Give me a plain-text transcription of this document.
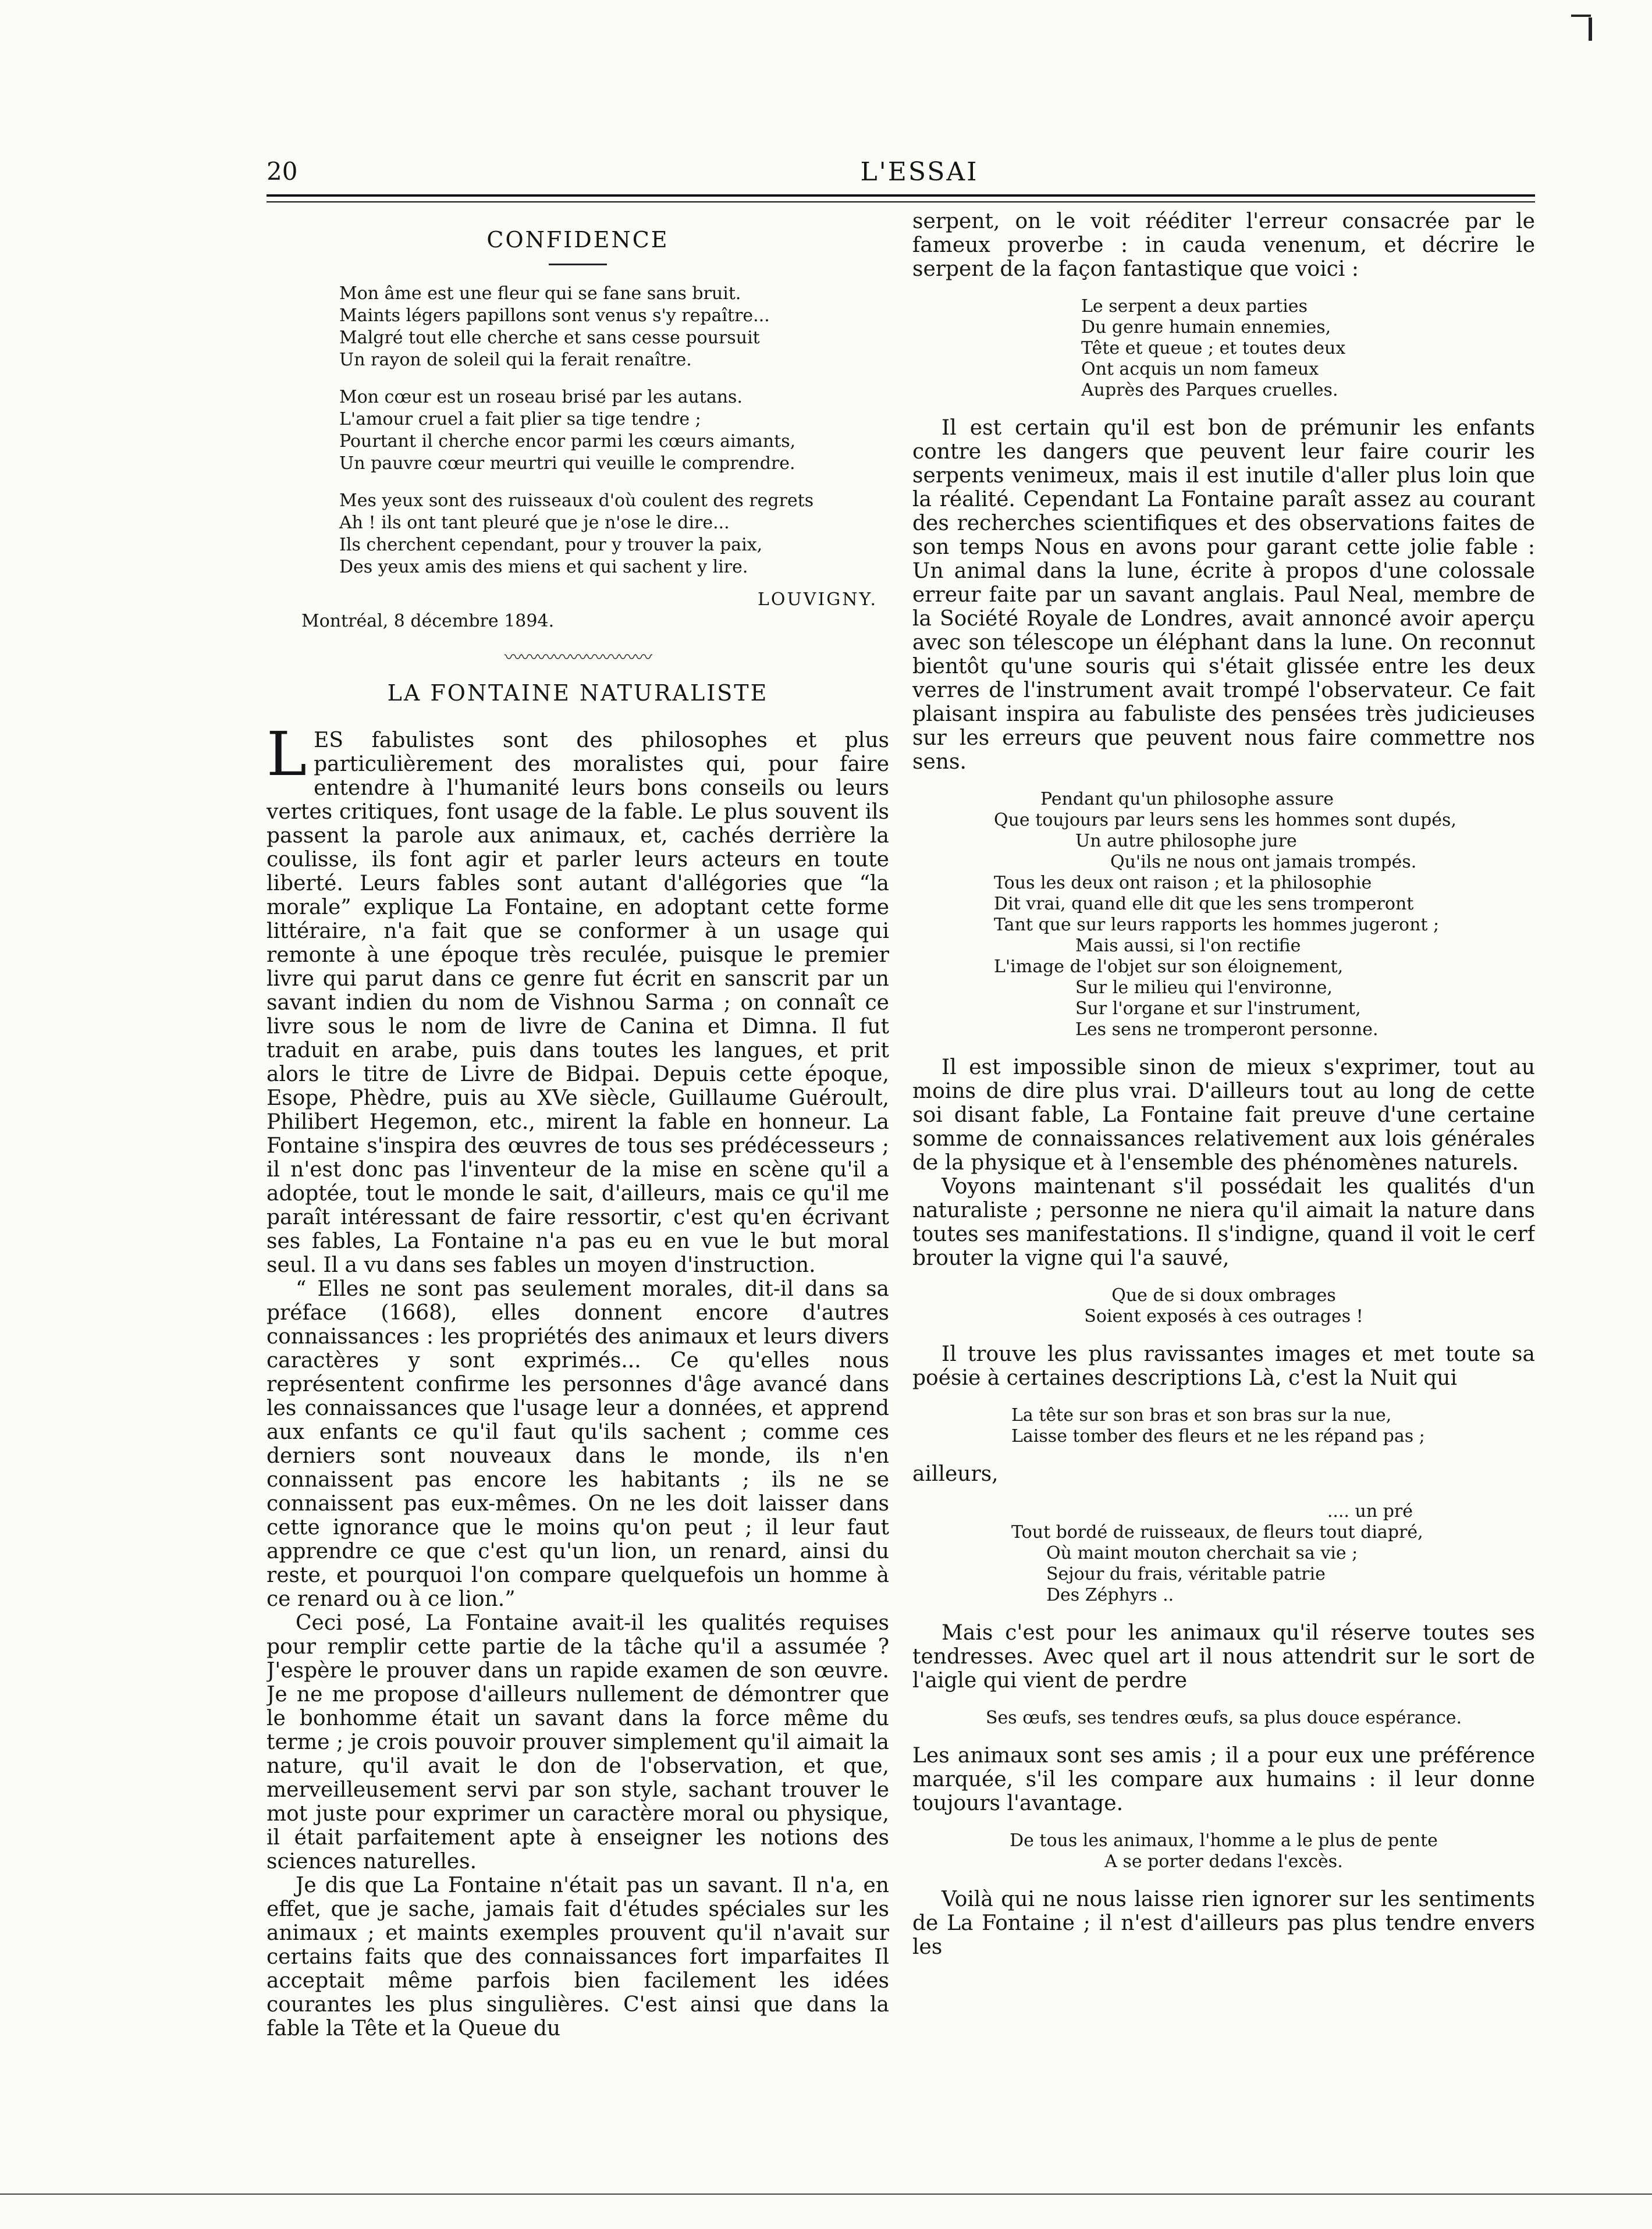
20	L'ESSAI
CONFIDENCE
Mon âme est une fleur qui se fane sans bruit.
Maints légers papillons sont venus s'y repaître...
Malgré tout elle cherche et sans cesse poursuit
Un rayon de soleil qui la ferait renaître.
Mon cœur est un roseau brisé par les autans.
L'amour cruel a fait plier sa tige tendre ;
Pourtant il cherche encor parmi les cœurs aimants,
Un pauvre cœur meurtri qui veuille le comprendre.
Mes yeux sont des ruisseaux d'où coulent des regrets
Ah ! ils ont tant pleuré que je n'ose le dire...
Ils cherchent cependant, pour y trouver la paix,
Des yeux amis des miens et qui sachent y lire.
LOUVIGNY.
Montréal, 8 décembre 1894.
〰〰〰〰〰〰〰〰〰
LA FONTAINE NATURALISTE

LES fabulistes sont des philosophes et plus particulièrement des moralistes qui, pour faire entendre à l'humanité leurs bons conseils ou leurs vertes critiques, font usage de la fable. Le plus souvent ils passent la parole aux animaux, et, cachés derrière la coulisse, ils font agir et parler leurs acteurs en toute liberté. Leurs fables sont autant d'allégories que “la morale” explique La Fontaine, en adoptant cette forme littéraire, n'a fait que se conformer à un usage qui remonte à une époque très reculée, puisque le premier livre qui parut dans ce genre fut écrit en sanscrit par un savant indien du nom de Vishnou Sarma ; on connaît ce livre sous le nom de livre de Canina et Dimna. Il fut traduit en arabe, puis dans toutes les langues, et prit alors le titre de Livre de Bidpai. Depuis cette époque, Esope, Phèdre, puis au XVe siècle, Guillaume Guéroult, Philibert Hegemon, etc., mirent la fable en honneur. La Fontaine s'inspira des œuvres de tous ses prédécesseurs ; il n'est donc pas l'inventeur de la mise en scène qu'il a adoptée, tout le monde le sait, d'ailleurs, mais ce qu'il me paraît intéressant de faire ressortir, c'est qu'en écrivant ses fables, La Fontaine n'a pas eu en vue le but moral seul. Il a vu dans ses fables un moyen d'instruction.

“ Elles ne sont pas seulement morales, dit-il dans sa préface (1668), elles donnent encore d'autres connaissances : les propriétés des animaux et leurs divers caractères y sont exprimés... Ce qu'elles nous représentent confirme les personnes d'âge avancé dans les connaissances que l'usage leur a données, et apprend aux enfants ce qu'il faut qu'ils sachent ; comme ces derniers sont nouveaux dans le monde, ils n'en connaissent pas encore les habitants ; ils ne se connaissent pas eux-mêmes. On ne les doit laisser dans cette ignorance que le moins qu'on peut ; il leur faut apprendre ce que c'est qu'un lion, un renard, ainsi du reste, et pourquoi l'on compare quelquefois un homme à ce renard ou à ce lion.”

Ceci posé, La Fontaine avait-il les qualités requises pour remplir cette partie de la tâche qu'il a assumée ? J'espère le prouver dans un rapide examen de son œuvre. Je ne me propose d'ailleurs nullement de démontrer que le bonhomme était un savant dans la force même du terme ; je crois pouvoir prouver simplement qu'il aimait la nature, qu'il avait le don de l'observation, et que, merveilleusement servi par son style, sachant trouver le mot juste pour exprimer un caractère moral ou physique, il était parfaitement apte à enseigner les notions des sciences naturelles.

Je dis que La Fontaine n'était pas un savant. Il n'a, en effet, que je sache, jamais fait d'études spéciales sur les animaux ; et maints exemples prouvent qu'il n'avait sur certains faits que des connaissances fort imparfaites Il acceptait même parfois bien facilement les idées courantes les plus singulières. C'est ainsi que dans la fable la Tête et la Queue du

serpent, on le voit rééditer l'erreur consacrée par le fameux proverbe : in cauda venenum, et décrire le serpent de la façon fantastique que voici :

Le serpent a deux parties
Du genre humain ennemies,
Tête et queue ; et toutes deux
Ont acquis un nom fameux
Auprès des Parques cruelles.

Il est certain qu'il est bon de prémunir les enfants contre les dangers que peuvent leur faire courir les serpents venimeux, mais il est inutile d'aller plus loin que la réalité. Cependant La Fontaine paraît assez au courant des recherches scientifiques et des observations faites de son temps Nous en avons pour garant cette jolie fable : Un animal dans la lune, écrite à propos d'une colossale erreur faite par un savant anglais. Paul Neal, membre de la Société Royale de Londres, avait annoncé avoir aperçu avec son télescope un éléphant dans la lune. On reconnut bientôt qu'une souris qui s'était glissée entre les deux verres de l'instrument avait trompé l'observateur. Ce fait plaisant inspira au fabuliste des pensées très judicieuses sur les erreurs que peuvent nous faire commettre nos sens.

Pendant qu'un philosophe assure
Que toujours par leurs sens les hommes sont dupés,
Un autre philosophe jure
Qu'ils ne nous ont jamais trompés.
Tous les deux ont raison ; et la philosophie
Dit vrai, quand elle dit que les sens tromperont
Tant que sur leurs rapports les hommes jugeront ;
Mais aussi, si l'on rectifie
L'image de l'objet sur son éloignement,
Sur le milieu qui l'environne,
Sur l'organe et sur l'instrument,
Les sens ne tromperont personne.

Il est impossible sinon de mieux s'exprimer, tout au moins de dire plus vrai. D'ailleurs tout au long de cette soi disant fable, La Fontaine fait preuve d'une certaine somme de connaissances relativement aux lois générales de la physique et à l'ensemble des phénomènes naturels.

Voyons maintenant s'il possédait les qualités d'un naturaliste ; personne ne niera qu'il aimait la nature dans toutes ses manifestations. Il s'indigne, quand il voit le cerf brouter la vigne qui l'a sauvé,

Que de si doux ombrages
Soient exposés à ces outrages !

Il trouve les plus ravissantes images et met toute sa poésie à certaines descriptions Là, c'est la Nuit qui

La tête sur son bras et son bras sur la nue,
Laisse tomber des fleurs et ne les répand pas ;

ailleurs,

.... un pré
Tout bordé de ruisseaux, de fleurs tout diapré,
Où maint mouton cherchait sa vie ;
Sejour du frais, véritable patrie
Des Zéphyrs ..

Mais c'est pour les animaux qu'il réserve toutes ses tendresses. Avec quel art il nous attendrit sur le sort de l'aigle qui vient de perdre

Ses œufs, ses tendres œufs, sa plus douce espérance.

Les animaux sont ses amis ; il a pour eux une préférence marquée, s'il les compare aux humains : il leur donne toujours l'avantage.

De tous les animaux, l'homme a le plus de pente
A se porter dedans l'excès.

Voilà qui ne nous laisse rien ignorer sur les sentiments de La Fontaine ; il n'est d'ailleurs pas plus tendre envers les
